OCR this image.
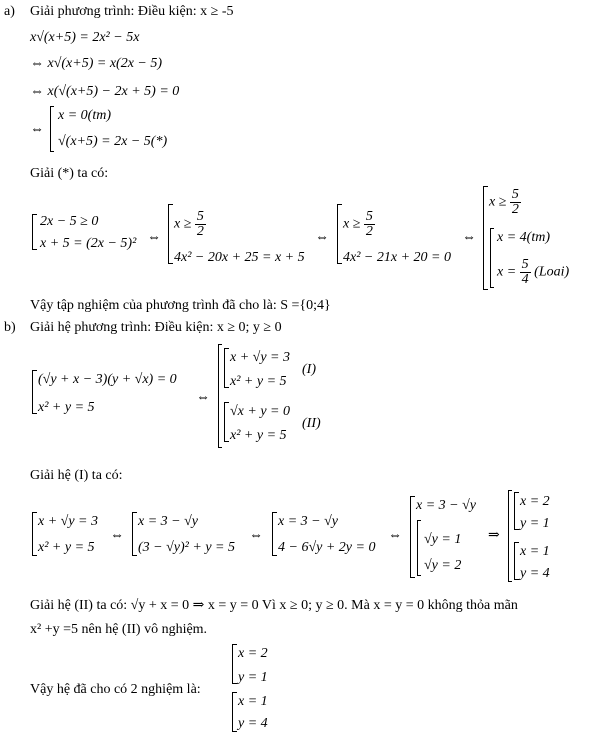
a) Giải phương trình: Điều kiện: x ≥ -5
x√(x+5) = 2x² − 5x
⇔ x√(x+5) = x(2x − 5)
⇔ x(√(x+5) − 2x + 5) = 0
⇔
x = 0(tm)
√(x+5) = 2x − 5(*)
Giải (*) ta có:
2x − 5 ≥ 0
x + 5 = (2x − 5)² ⇔
$x \ge \frac{5}{2}$
4x² − 20x + 25 = x + 5
⇔
$x \ge \frac{5}{2}$
4x² − 21x + 20 = 0
⇔
$x \ge \frac{5}{2}$
x = 4(tm)
$x = \frac{5}{4}$ (Loai)
Vậy tập nghiệm của phương trình đã cho là: S ={0;4}
b) Giải hệ phương trình: Điều kiện: x ≥ 0; y ≥ 0
(√y + x − 3)(y + √x) = 0
x² + y = 5
⇔
x + √y = 3
x² + y = 5
(I)
√x + y = 0
x² + y = 5
(II)
Giải hệ (I) ta có:
x + √y = 3
x² + y = 5
⇔
x = 3 − √y
(3 − √y)² + y = 5
⇔
x = 3 − √y
4 − 6√y + 2y = 0
⇔
x = 3 − √y
√y = 1
√y = 2
⇒
x = 2
y = 1
x = 1
y = 4
Giải hệ (II) ta có: √y + x = 0 ⇒ x = y = 0 Vì x ≥ 0; y ≥ 0. Mà x = y = 0 không thỏa mãn
x² +y =5 nên hệ (II) vô nghiệm.
Vậy hệ đã cho có 2 nghiệm là:
x = 2
y = 1
x = 1
y = 4
